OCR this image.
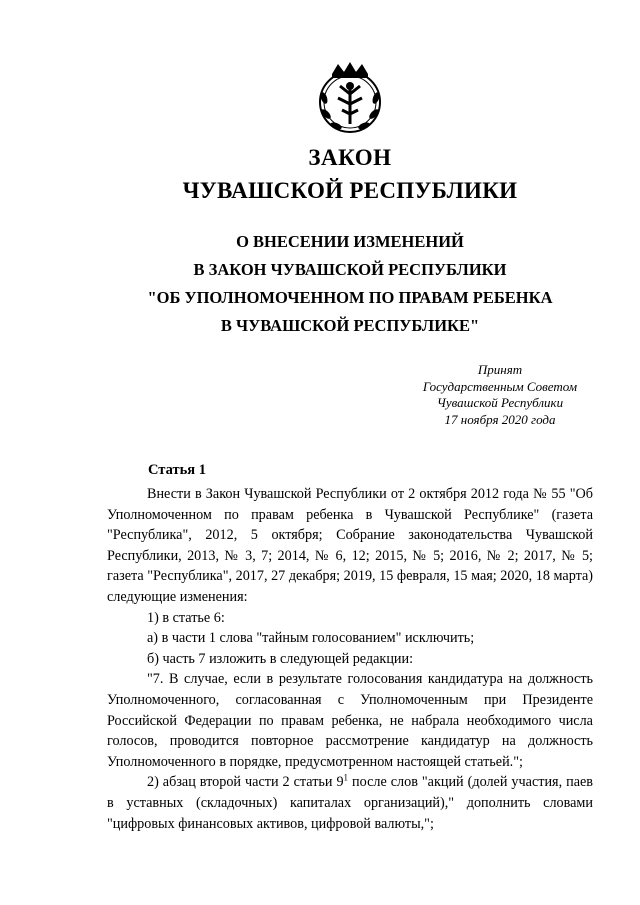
ЗАКОН
ЧУВАШСКОЙ РЕСПУБЛИКИ
О ВНЕСЕНИИ ИЗМЕНЕНИЙ
В ЗАКОН ЧУВАШСКОЙ РЕСПУБЛИКИ
"ОБ УПОЛНОМОЧЕННОМ ПО ПРАВАМ РЕБЕНКА
В ЧУВАШСКОЙ РЕСПУБЛИКЕ"
Принят
Государственным Советом
Чувашской Республики
17 ноября 2020 года
Статья 1

Внести в Закон Чувашской Республики от 2 октября 2012 года № 55 "Об Уполномоченном по правам ребенка в Чувашской Республике" (газета "Республика", 2012, 5 октября; Собрание законодательства Чувашской Республики, 2013, № 3, 7; 2014, № 6, 12; 2015, № 5; 2016, № 2; 2017, № 5; газета "Республика", 2017, 27 декабря; 2019, 15 февраля, 15 мая; 2020, 18 марта) следующие изменения:

1) в статье 6:

а) в части 1 слова "тайным голосованием" исключить;

б) часть 7 изложить в следующей редакции:

"7. В случае, если в результате голосования кандидатура на должность Уполномоченного, согласованная с Уполномоченным при Президенте Российской Федерации по правам ребенка, не набрала необходимого числа голосов, проводится повторное рассмотрение кандидатур на должность Уполномоченного в порядке, предусмотренном настоящей статьей.";

2) абзац второй части 2 статьи $9^1$ после слов "акций (долей участия, паев в уставных (складочных) капиталах организаций)," дополнить словами "цифровых финансовых активов, цифровой валюты,";
